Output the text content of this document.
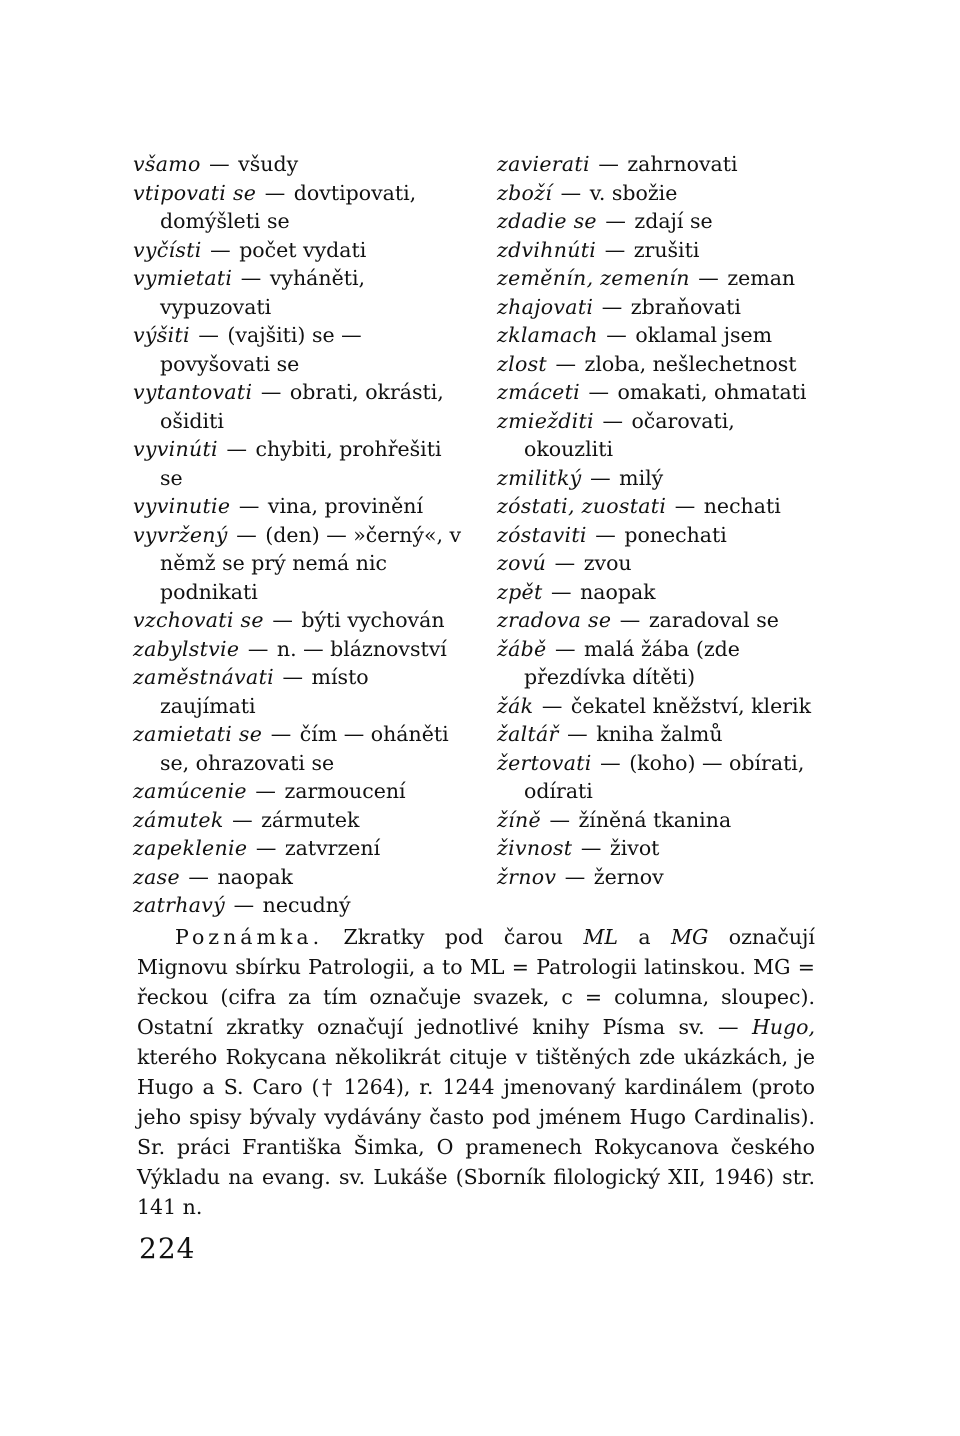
všamo — všudy

vtipovati se — dovtipovati, domýšleti se

vyčísti — počet vydati

vymietati — vyháněti, vypuzovati

výšiti — (vajšiti) se — povyšovati se

vytantovati — obrati, okrásti, ošiditi

vyvinúti — chybiti, prohřešiti se

vyvinutie — vina, provinění

vyvržený — (den) — »černý«, v němž se prý nemá nic podnikati

vzchovati se — býti vychován

zabylstvie — n. — bláznovství

zaměstnávati — místo zaujímati

zamietati se — čím — oháněti se, ohrazovati se

zamúcenie — zarmoucení

zámutek — zármutek

zapeklenie — zatvrzení

zase — naopak

zatrhavý — necudný

zavierati — zahrnovati

zboží — v. sbožie

zdadie se — zdají se

zdvihnúti — zrušiti

zeměnín, zemenín — zeman

zhajovati — zbraňovati

zklamach — oklamal jsem

zlost — zloba, nešlechetnost

zmáceti — omakati, ohmatati

zmiežditi — očarovati, okouzliti

zmilitký — milý

zóstati, zuostati — nechati

zóstaviti — ponechati

zovú — zvou

zpět — naopak

zradova se — zaradoval se

žábě — malá žába (zde přezdívka dítěti)

žák — čekatel kněžství, klerik

žaltář — kniha žalmů

žertovati — (koho) — obírati, odírati

žíně — žíněná tkanina

živnost — život

žrnov — žernov

Poznámka. Zkratky pod čarou ML a MG označují Mignovu sbírku Patrologii, a to ML = Patrologii latinskou. MG = řeckou (cifra za tím označuje svazek, c = columna, sloupec). Ostatní zkratky označují jednotlivé knihy Písma sv. — Hugo, kterého Rokycana několikrát cituje v tištěných zde ukázkách, je Hugo a S. Caro († 1264), r. 1244 jmenovaný kardinálem (proto jeho spisy bývaly vydávány často pod jménem Hugo Cardinalis). Sr. práci Františka Šimka, O pramenech Rokycanova českého Výkladu na evang. sv. Lukáše (Sborník filologický XII, 1946) str. 141 n.

224
